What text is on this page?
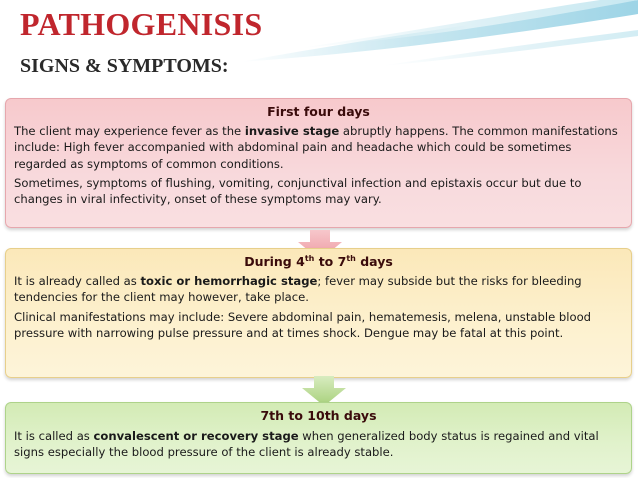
PATHOGENISIS
SIGNS & SYMPTOMS:
First four days

The client may experience fever as the invasive stage abruptly happens. The common manifestations include: High fever accompanied with abdominal pain and headache which could be sometimes regarded as symptoms of common conditions.

Sometimes, symptoms of flushing, vomiting, conjunctival infection and epistaxis occur but due to changes in viral infectivity, onset of these symptoms may vary.

During 4th to 7th days

It is already called as toxic or hemorrhagic stage; fever may subside but the risks for bleeding tendencies for the client may however, take place.

Clinical manifestations may include: Severe abdominal pain, hematemesis, melena, unstable blood pressure with narrowing pulse pressure and at times shock. Dengue may be fatal at this point.

7th to 10th days

It is called as convalescent or recovery stage when generalized body status is regained and vital signs especially the blood pressure of the client is already stable.
